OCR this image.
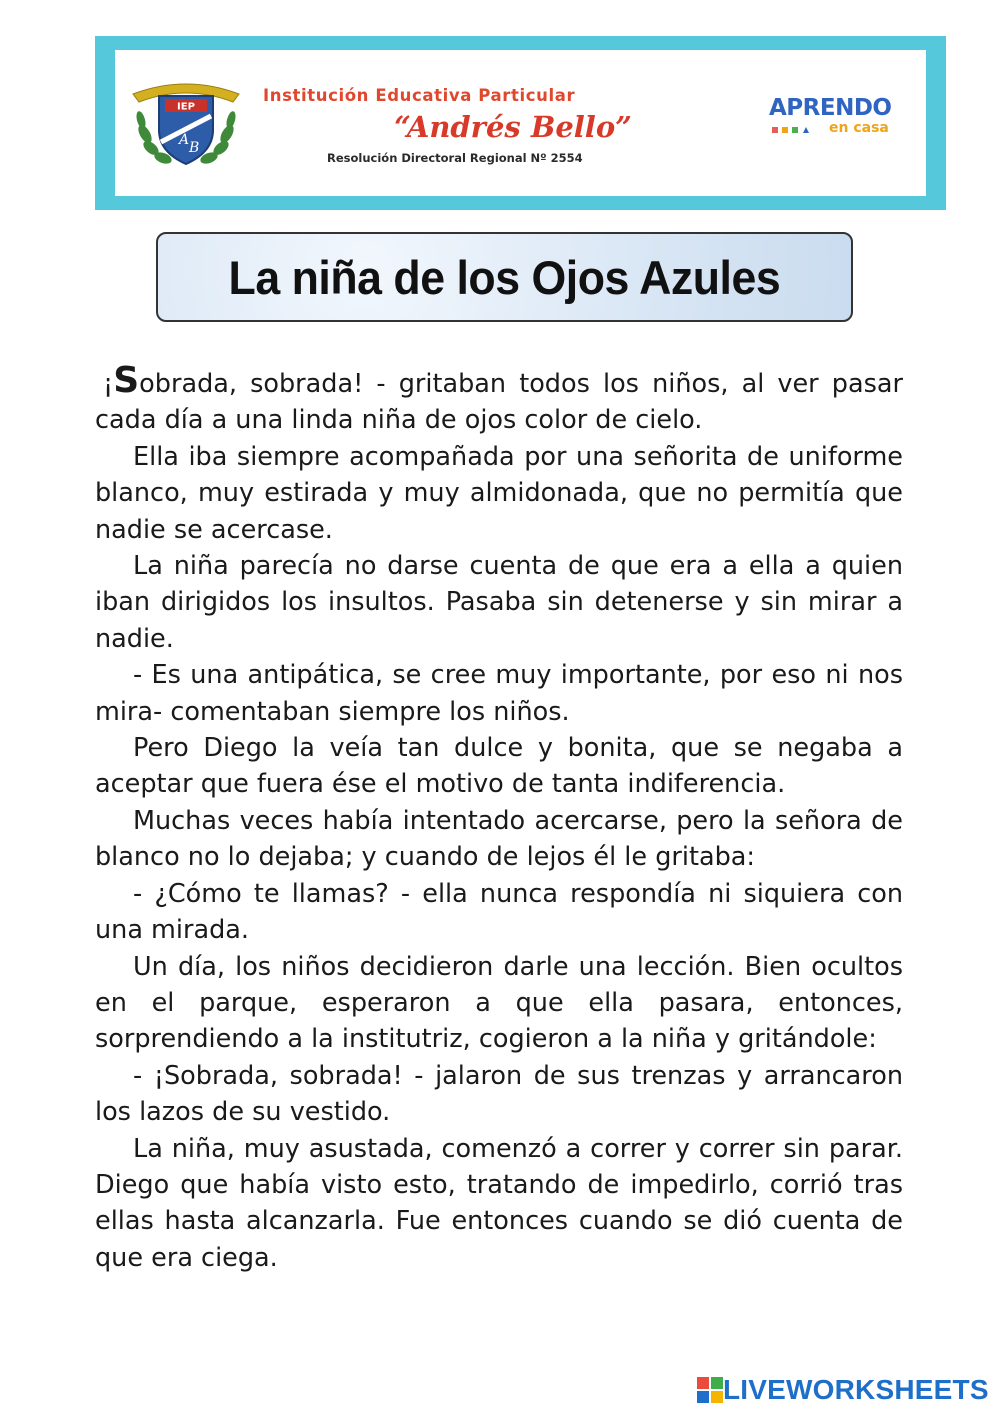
IEP
A B
Institución Educativa Particular
“Andrés Bello”
Resolución Directoral Regional Nº 2554
APRENDO
en casa
La niña de los Ojos Azules

¡Sobrada, sobrada! - gritaban todos los niños, al ver pasar cada día a una linda niña de ojos color de cielo.

Ella iba siempre acompañada por una señorita de uniforme blanco, muy estirada y muy almidonada, que no permitía que nadie se acercase.

La niña parecía no darse cuenta de que era a ella a quien iban dirigidos los insultos. Pasaba sin detenerse y sin mirar a nadie.

- Es una antipática, se cree muy importante, por eso ni nos mira- comentaban siempre los niños.

Pero Diego la veía tan dulce y bonita, que se negaba a aceptar que fuera ése el motivo de tanta indiferencia.

Muchas veces había intentado acercarse, pero la señora de blanco no lo dejaba; y cuando de lejos él le gritaba:

- ¿Cómo te llamas? - ella nunca respondía ni siquiera con una mirada.

Un día, los niños decidieron darle una lección. Bien ocultos en el parque, esperaron a que ella pasara, entonces, sorprendiendo a la institutriz, cogieron a la niña y gritándole:

- ¡Sobrada, sobrada! - jalaron de sus trenzas y arrancaron los lazos de su vestido.

La niña, muy asustada, comenzó a correr y correr sin parar. Diego que había visto esto, tratando de impedirlo, corrió tras ellas hasta alcanzarla. Fue entonces cuando se dió cuenta de que era ciega.

LIVEWORKSHEETS
